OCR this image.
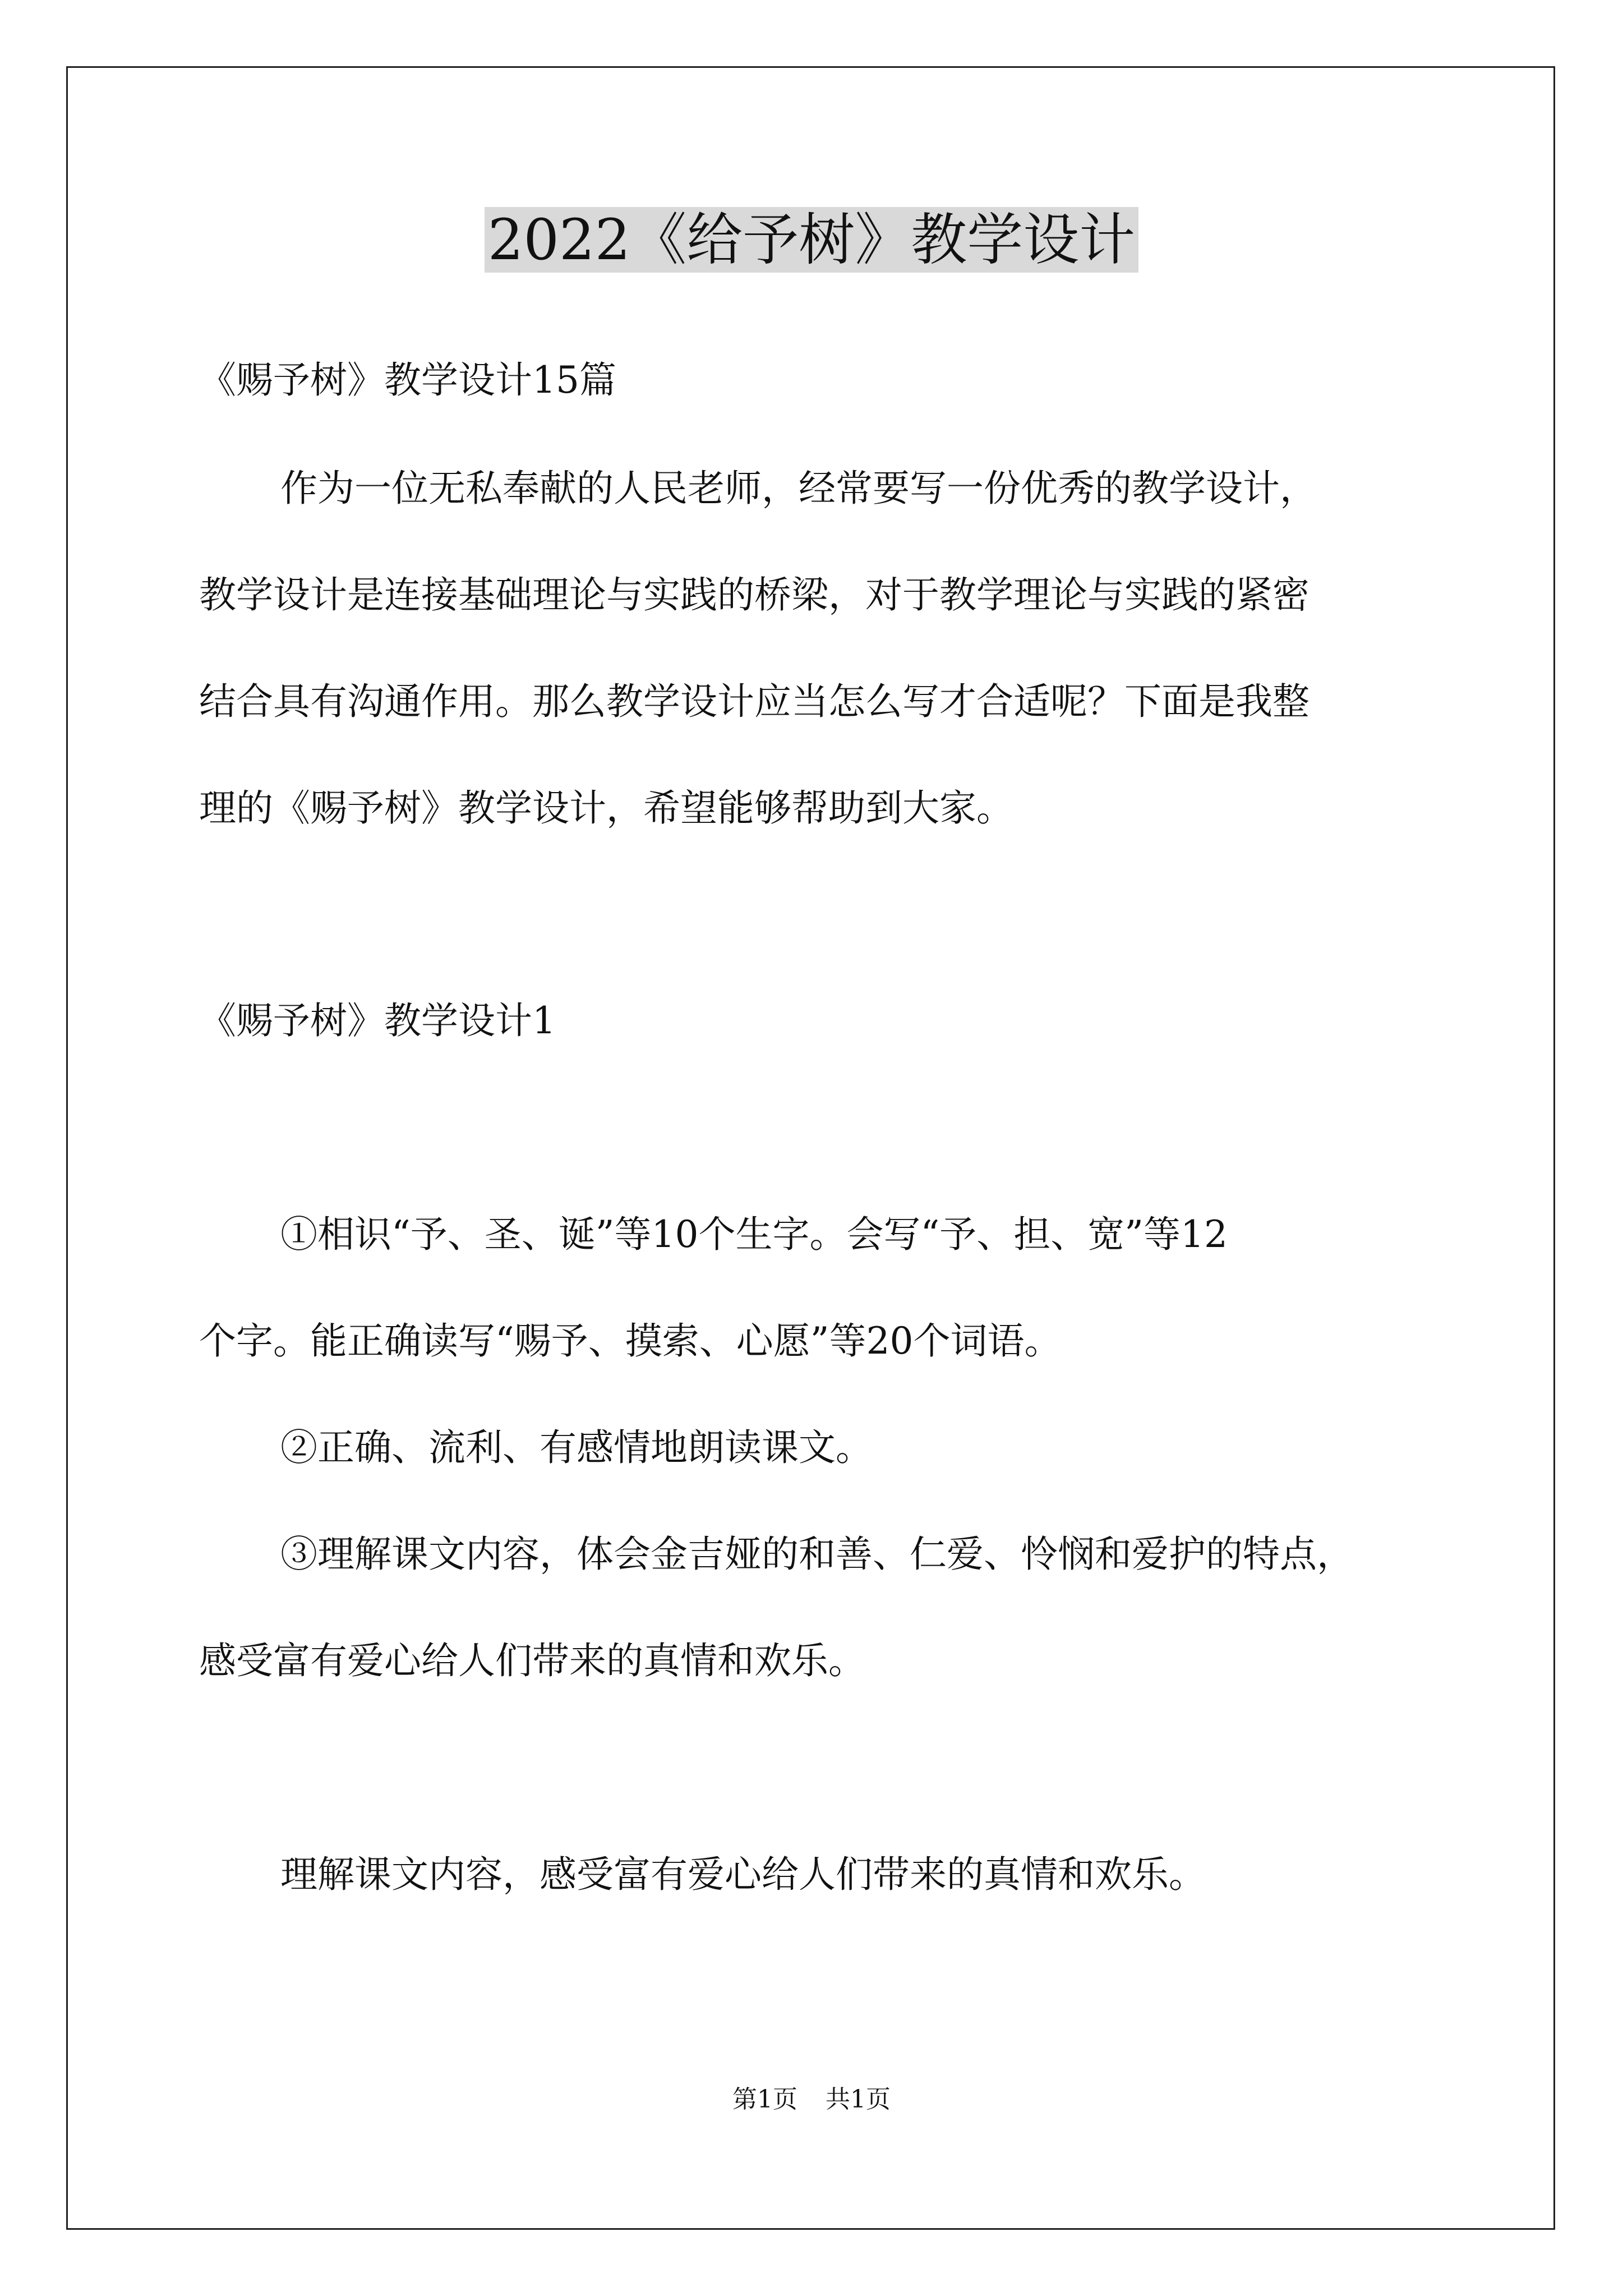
2022《给予树》教学设计
《赐予树》教学设计15篇
作为一位无私奉献的人民老师，经常要写一份优秀的教学设计，
教学设计是连接基础理论与实践的桥梁，对于教学理论与实践的紧密
结合具有沟通作用。那么教学设计应当怎么写才合适呢？下面是我整
理的《赐予树》教学设计，希望能够帮助到大家。
《赐予树》教学设计1
①相识“予、圣、诞”等10个生字。会写“予、担、宽”等12
个字。能正确读写“赐予、摸索、心愿”等20个词语。
②正确、流利、有感情地朗读课文。
③理解课文内容，体会金吉娅的和善、仁爱、怜悯和爱护的特点，
感受富有爱心给人们带来的真情和欢乐。
理解课文内容，感受富有爱心给人们带来的真情和欢乐。
第1页 共1页
